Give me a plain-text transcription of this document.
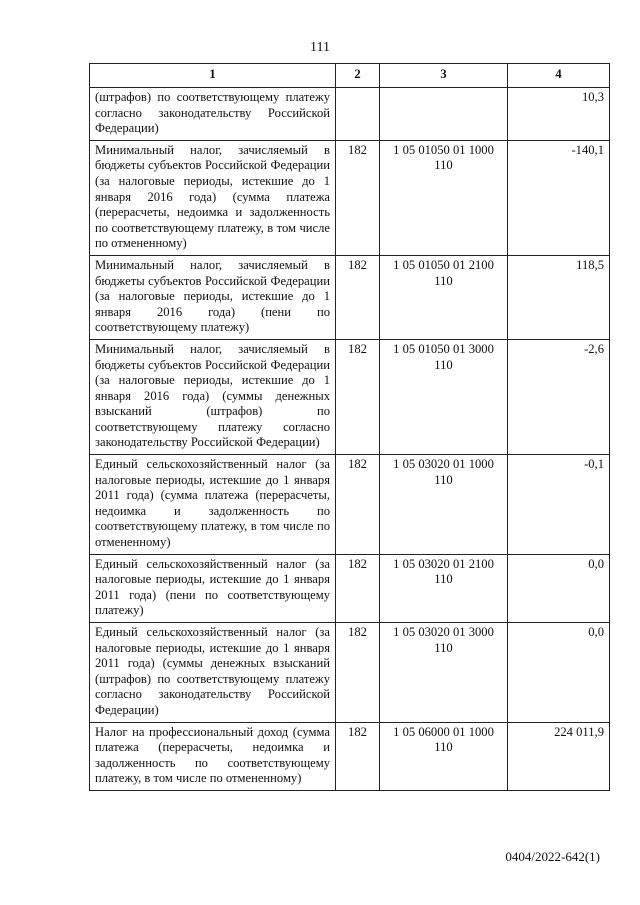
111
1	2	3	4
(штрафов) по соответствующему платежу согласно законодательству Российской Федерации)			10,3
Минимальный налог, зачисляемый в бюджеты субъектов Российской Федерации (за налоговые периоды, истекшие до 1 января 2016 года) (сумма платежа (перерасчеты, недоимка и задолженность по соответствующему платежу, в том числе по отмененному)	182	1 05 01050 01 1000 110	-140,1
Минимальный налог, зачисляемый в бюджеты субъектов Российской Федерации (за налоговые периоды, истекшие до 1 января 2016 года) (пени по соответствующему платежу)	182	1 05 01050 01 2100 110	118,5
Минимальный налог, зачисляемый в бюджеты субъектов Российской Федерации (за налоговые периоды, истекшие до 1 января 2016 года) (суммы денежных взысканий (штрафов) по соответствующему платежу согласно законодательству Российской Федерации)	182	1 05 01050 01 3000 110	-2,6
Единый сельскохозяйственный налог (за налоговые периоды, истекшие до 1 января 2011 года) (сумма платежа (перерасчеты, недоимка и задолженность по соответствующему платежу, в том числе по отмененному)	182	1 05 03020 01 1000 110	-0,1
Единый сельскохозяйственный налог (за налоговые периоды, истекшие до 1 января 2011 года) (пени по соответствующему платежу)	182	1 05 03020 01 2100 110	0,0
Единый сельскохозяйственный налог (за налоговые периоды, истекшие до 1 января 2011 года) (суммы денежных взысканий (штрафов) по соответствующему платежу согласно законодательству Российской Федерации)	182	1 05 03020 01 3000 110	0,0
Налог на профессиональный доход (сумма платежа (перерасчеты, недоимка и задолженность по соответствующему платежу, в том числе по отмененному)	182	1 05 06000 01 1000 110	224 011,9
0404/2022-642(1)
